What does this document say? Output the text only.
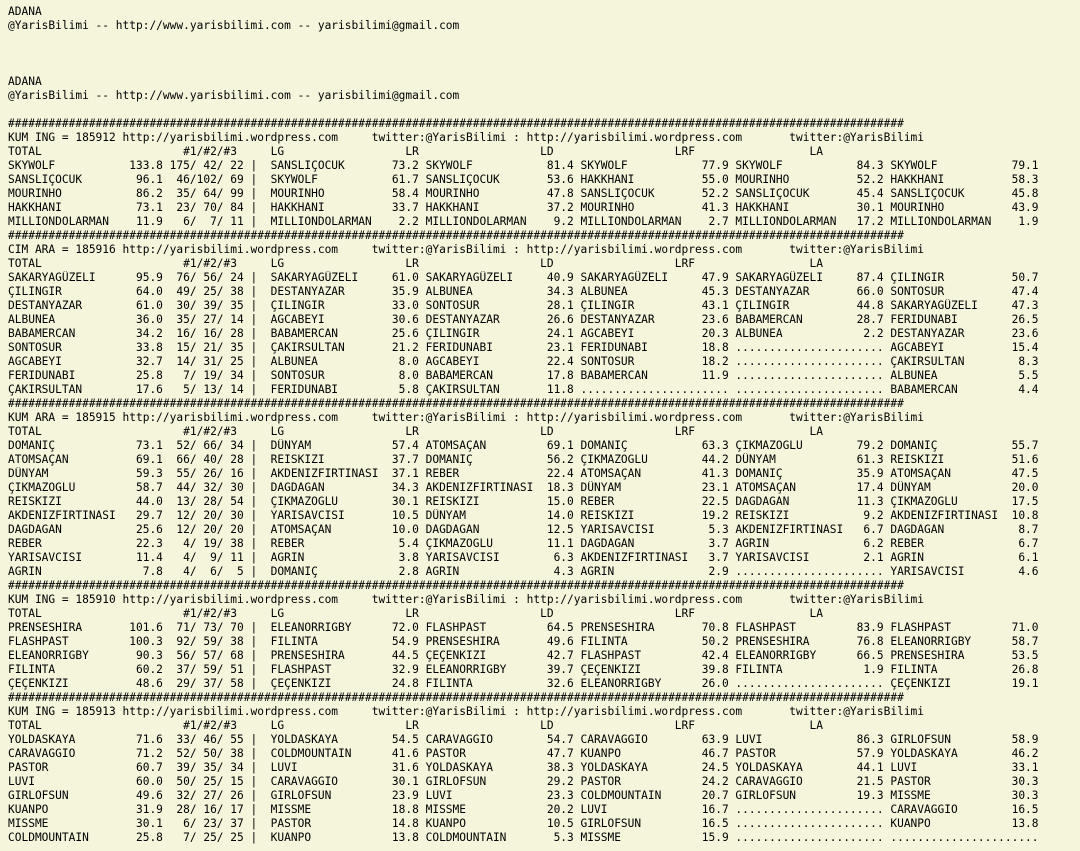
ADANA
@YarisBilimi -- http://www.yarisbilimi.com -- yarisbilimi@gmail.com
ADANA
@YarisBilimi -- http://www.yarisbilimi.com -- yarisbilimi@gmail.com
#####################################################################################################################################
KUM ING = 185912 http://yarisbilimi.wordpress.com     twitter:@YarisBilimi : http://yarisbilimi.wordpress.com       twitter:@YarisBilimi
TOTAL                     #1/#2/#3     LG                  LR                  LD                  LRF                 LA
SKYWOLF           133.8 175/ 42/ 22 |  SANSLIÇOCUK       73.2 SKYWOLF           81.4 SKYWOLF           77.9 SKYWOLF           84.3 SKYWOLF           79.1
SANSLIÇOCUK        96.1  46/102/ 69 |  SKYWOLF           61.7 SANSLIÇOCUK       53.6 HAKKHANI          55.0 MOURINHO          52.2 HAKKHANI          58.3
MOURINHO           86.2  35/ 64/ 99 |  MOURINHO          58.4 MOURINHO          47.8 SANSLIÇOCUK       52.2 SANSLIÇOCUK       45.4 SANSLIÇOCUK       45.8
HAKKHANI           73.1  23/ 70/ 84 |  HAKKHANI          33.7 HAKKHANI          37.2 MOURINHO          41.3 HAKKHANI          30.1 MOURINHO          43.9
MILLIONDOLARMAN    11.9   6/  7/ 11 |  MILLIONDOLARMAN    2.2 MILLIONDOLARMAN    9.2 MILLIONDOLARMAN    2.7 MILLIONDOLARMAN   17.2 MILLIONDOLARMAN    1.9
#####################################################################################################################################
CIM ARA = 185916 http://yarisbilimi.wordpress.com     twitter:@YarisBilimi : http://yarisbilimi.wordpress.com       twitter:@YarisBilimi
TOTAL                     #1/#2/#3     LG                  LR                  LD                  LRF                 LA
SAKARYAGÜZELI      95.9  76/ 56/ 24 |  SAKARYAGÜZELI     61.0 SAKARYAGÜZELI     40.9 SAKARYAGÜZELI     47.9 SAKARYAGÜZELI     87.4 ÇILINGIR          50.7
ÇILINGIR           64.0  49/ 25/ 38 |  DESTANYAZAR       35.9 ALBUNEA           34.3 ALBUNEA           45.3 DESTANYAZAR       66.0 SONTOSUR          47.4
DESTANYAZAR        61.0  30/ 39/ 35 |  ÇILINGIR          33.0 SONTOSUR          28.1 ÇILINGIR          43.1 ÇILINGIR          44.8 SAKARYAGÜZELI     47.3
ALBUNEA            36.0  35/ 27/ 14 |  AGCABEYI          30.6 DESTANYAZAR       26.6 DESTANYAZAR       23.6 BABAMERCAN        28.7 FERIDUNABI        26.5
BABAMERCAN         34.2  16/ 16/ 28 |  BABAMERCAN        25.6 ÇILINGIR          24.1 AGCABEYI          20.3 ALBUNEA            2.2 DESTANYAZAR       23.6
SONTOSUR           33.8  15/ 21/ 35 |  ÇAKIRSULTAN       21.2 FERIDUNABI        23.1 FERIDUNABI        18.8 ...................... AGCABEYI          15.4
AGCABEYI           32.7  14/ 31/ 25 |  ALBUNEA            8.0 AGCABEYI          22.4 SONTOSUR          18.2 ...................... ÇAKIRSULTAN        8.3
FERIDUNABI         25.8   7/ 19/ 34 |  SONTOSUR           8.0 BABAMERCAN        17.8 BABAMERCAN        11.9 ...................... ALBUNEA            5.5
ÇAKIRSULTAN        17.6   5/ 13/ 14 |  FERIDUNABI         5.8 ÇAKIRSULTAN       11.8 ...................... ...................... BABAMERCAN         4.4
#####################################################################################################################################
KUM ARA = 185915 http://yarisbilimi.wordpress.com     twitter:@YarisBilimi : http://yarisbilimi.wordpress.com       twitter:@YarisBilimi
TOTAL                     #1/#2/#3     LG                  LR                  LD                  LRF                 LA
DOMANIÇ            73.1  52/ 66/ 34 |  DÜNYAM            57.4 ATOMSAÇAN         69.1 DOMANIÇ           63.3 ÇIKMAZOGLU        79.2 DOMANIÇ           55.7
ATOMSAÇAN          69.1  66/ 40/ 28 |  REISKIZI          37.7 DOMANIÇ           56.2 ÇIKMAZOGLU        44.2 DÜNYAM            61.3 REISKIZI          51.6
DÜNYAM             59.3  55/ 26/ 16 |  AKDENIZFIRTINASI  37.1 REBER             22.4 ATOMSAÇAN         41.3 DOMANIÇ           35.9 ATOMSAÇAN         47.5
ÇIKMAZOGLU         58.7  44/ 32/ 30 |  DAGDAGAN          34.3 AKDENIZFIRTINASI  18.3 DÜNYAM            23.1 ATOMSAÇAN         17.4 DÜNYAM            20.0
REISKIZI           44.0  13/ 28/ 54 |  ÇIKMAZOGLU        30.1 REISKIZI          15.0 REBER             22.5 DAGDAGAN          11.3 ÇIKMAZOGLU        17.5
AKDENIZFIRTINASI   29.7  12/ 20/ 30 |  YARISAVCISI       10.5 DÜNYAM            14.0 REISKIZI          19.2 REISKIZI           9.2 AKDENIZFIRTINASI  10.8
DAGDAGAN           25.6  12/ 20/ 20 |  ATOMSAÇAN         10.0 DAGDAGAN          12.5 YARISAVCISI        5.3 AKDENIZFIRTINASI   6.7 DAGDAGAN           8.7
REBER              22.3   4/ 19/ 38 |  REBER              5.4 ÇIKMAZOGLU        11.1 DAGDAGAN           3.7 AGRIN              6.2 REBER              6.7
YARISAVCISI        11.4   4/  9/ 11 |  AGRIN              3.8 YARISAVCISI        6.3 AKDENIZFIRTINASI   3.7 YARISAVCISI        2.1 AGRIN              6.1
AGRIN               7.8   4/  6/  5 |  DOMANIÇ            2.8 AGRIN              4.3 AGRIN              2.9 ...................... YARISAVCISI        4.6
#####################################################################################################################################
KUM ING = 185910 http://yarisbilimi.wordpress.com     twitter:@YarisBilimi : http://yarisbilimi.wordpress.com       twitter:@YarisBilimi
TOTAL                     #1/#2/#3     LG                  LR                  LD                  LRF                 LA
PRENSESHIRA       101.6  71/ 73/ 70 |  ELEANORRIGBY      72.0 FLASHPAST         64.5 PRENSESHIRA       70.8 FLASHPAST         83.9 FLASHPAST         71.0
FLASHPAST         100.3  92/ 59/ 38 |  FILINTA           54.9 PRENSESHIRA       49.6 FILINTA           50.2 PRENSESHIRA       76.8 ELEANORRIGBY      58.7
ELEANORRIGBY       90.3  56/ 57/ 68 |  PRENSESHIRA       44.5 ÇEÇENKIZI         42.7 FLASHPAST         42.4 ELEANORRIGBY      66.5 PRENSESHIRA       53.5
FILINTA            60.2  37/ 59/ 51 |  FLASHPAST         32.9 ELEANORRIGBY      39.7 ÇEÇENKIZI         39.8 FILINTA            1.9 FILINTA           26.8
ÇEÇENKIZI          48.6  29/ 37/ 58 |  ÇEÇENKIZI         24.8 FILINTA           32.6 ELEANORRIGBY      26.0 ...................... ÇEÇENKIZI         19.1
#####################################################################################################################################
KUM ING = 185913 http://yarisbilimi.wordpress.com     twitter:@YarisBilimi : http://yarisbilimi.wordpress.com       twitter:@YarisBilimi
TOTAL                     #1/#2/#3     LG                  LR                  LD                  LRF                 LA
YOLDASKAYA         71.6  33/ 46/ 55 |  YOLDASKAYA        54.5 CARAVAGGIO        54.7 CARAVAGGIO        63.9 LUVI              86.3 GIRLOFSUN         58.9
CARAVAGGIO         71.2  52/ 50/ 38 |  COLDMOUNTAIN      41.6 PASTOR            47.7 KUANPO            46.7 PASTOR            57.9 YOLDASKAYA        46.2
PASTOR             60.7  39/ 35/ 34 |  LUVI              31.6 YOLDASKAYA        38.3 YOLDASKAYA        24.5 YOLDASKAYA        44.1 LUVI              33.1
LUVI               60.0  50/ 25/ 15 |  CARAVAGGIO        30.1 GIRLOFSUN         29.2 PASTOR            24.2 CARAVAGGIO        21.5 PASTOR            30.3
GIRLOFSUN          49.6  32/ 27/ 26 |  GIRLOFSUN         23.9 LUVI              23.3 COLDMOUNTAIN      20.7 GIRLOFSUN         19.3 MISSME            30.3
KUANPO             31.9  28/ 16/ 17 |  MISSME            18.8 MISSME            20.2 LUVI              16.7 ...................... CARAVAGGIO        16.5
MISSME             30.1   6/ 23/ 37 |  PASTOR            14.8 KUANPO            10.5 GIRLOFSUN         16.5 ...................... KUANPO            13.8
COLDMOUNTAIN       25.8   7/ 25/ 25 |  KUANPO            13.8 COLDMOUNTAIN       5.3 MISSME            15.9 ...................... ......................
